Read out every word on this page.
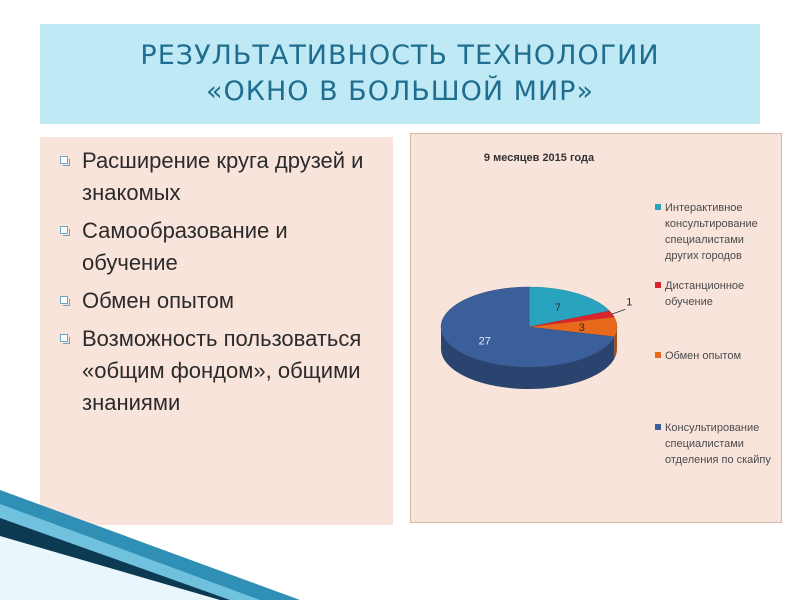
РЕЗУЛЬТАТИВНОСТЬ ТЕХНОЛОГИИ
«ОКНО В БОЛЬШОЙ МИР»
Расширение круга друзей и знакомых
Самообразование и обучение
Обмен опытом
Возможность пользоваться «общим фондом», общими знаниями
9 месяцев 2015 года
7	1
3
27
Интерактивное консультирование специалистами других городов
Дистанционное обучение
Обмен опытом
Консультирование специалистами отделения по скайпу
